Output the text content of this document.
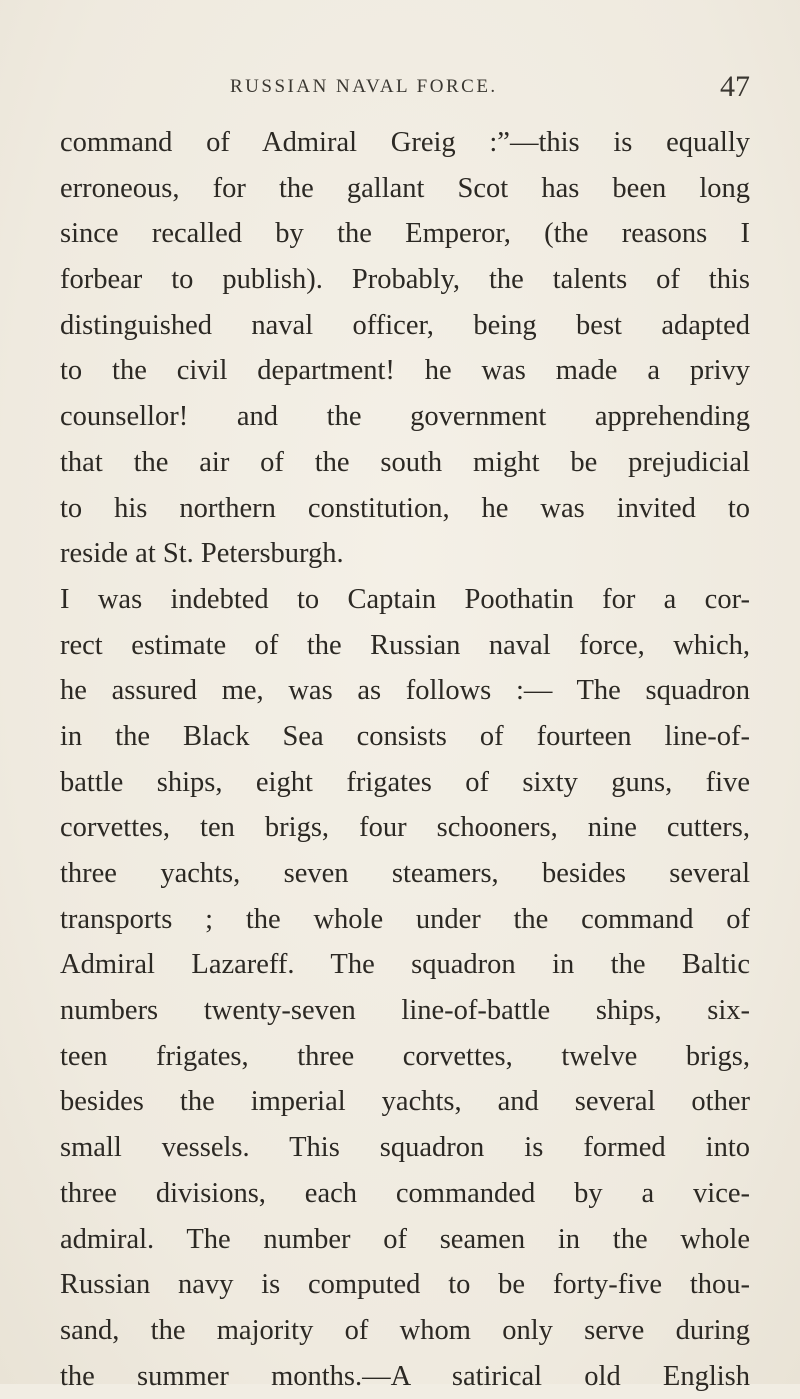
RUSSIAN NAVAL FORCE.	47
command of Admiral Greig :”—this is equally
erroneous, for the gallant Scot has been long
since recalled by the Emperor, (the reasons I
forbear to publish). Probably, the talents of this
distinguished naval officer, being best adapted
to the civil department! he was made a privy
counsellor! and the government apprehending
that the air of the south might be prejudicial
to his northern constitution, he was invited to
reside at St. Petersburgh.
I was indebted to Captain Poothatin for a cor-
rect estimate of the Russian naval force, which,
he assured me, was as follows :— The squadron
in the Black Sea consists of fourteen line-of-
battle ships, eight frigates of sixty guns, five
corvettes, ten brigs, four schooners, nine cutters,
three yachts, seven steamers, besides several
transports ; the whole under the command of
Admiral Lazareff. The squadron in the Baltic
numbers twenty-seven line-of-battle ships, six-
teen frigates, three corvettes, twelve brigs,
besides the imperial yachts, and several other
small vessels. This squadron is formed into
three divisions, each commanded by a vice-
admiral. The number of seamen in the whole
Russian navy is computed to be forty-five thou-
sand, the majority of whom only serve during
the summer months.—A satirical old English
